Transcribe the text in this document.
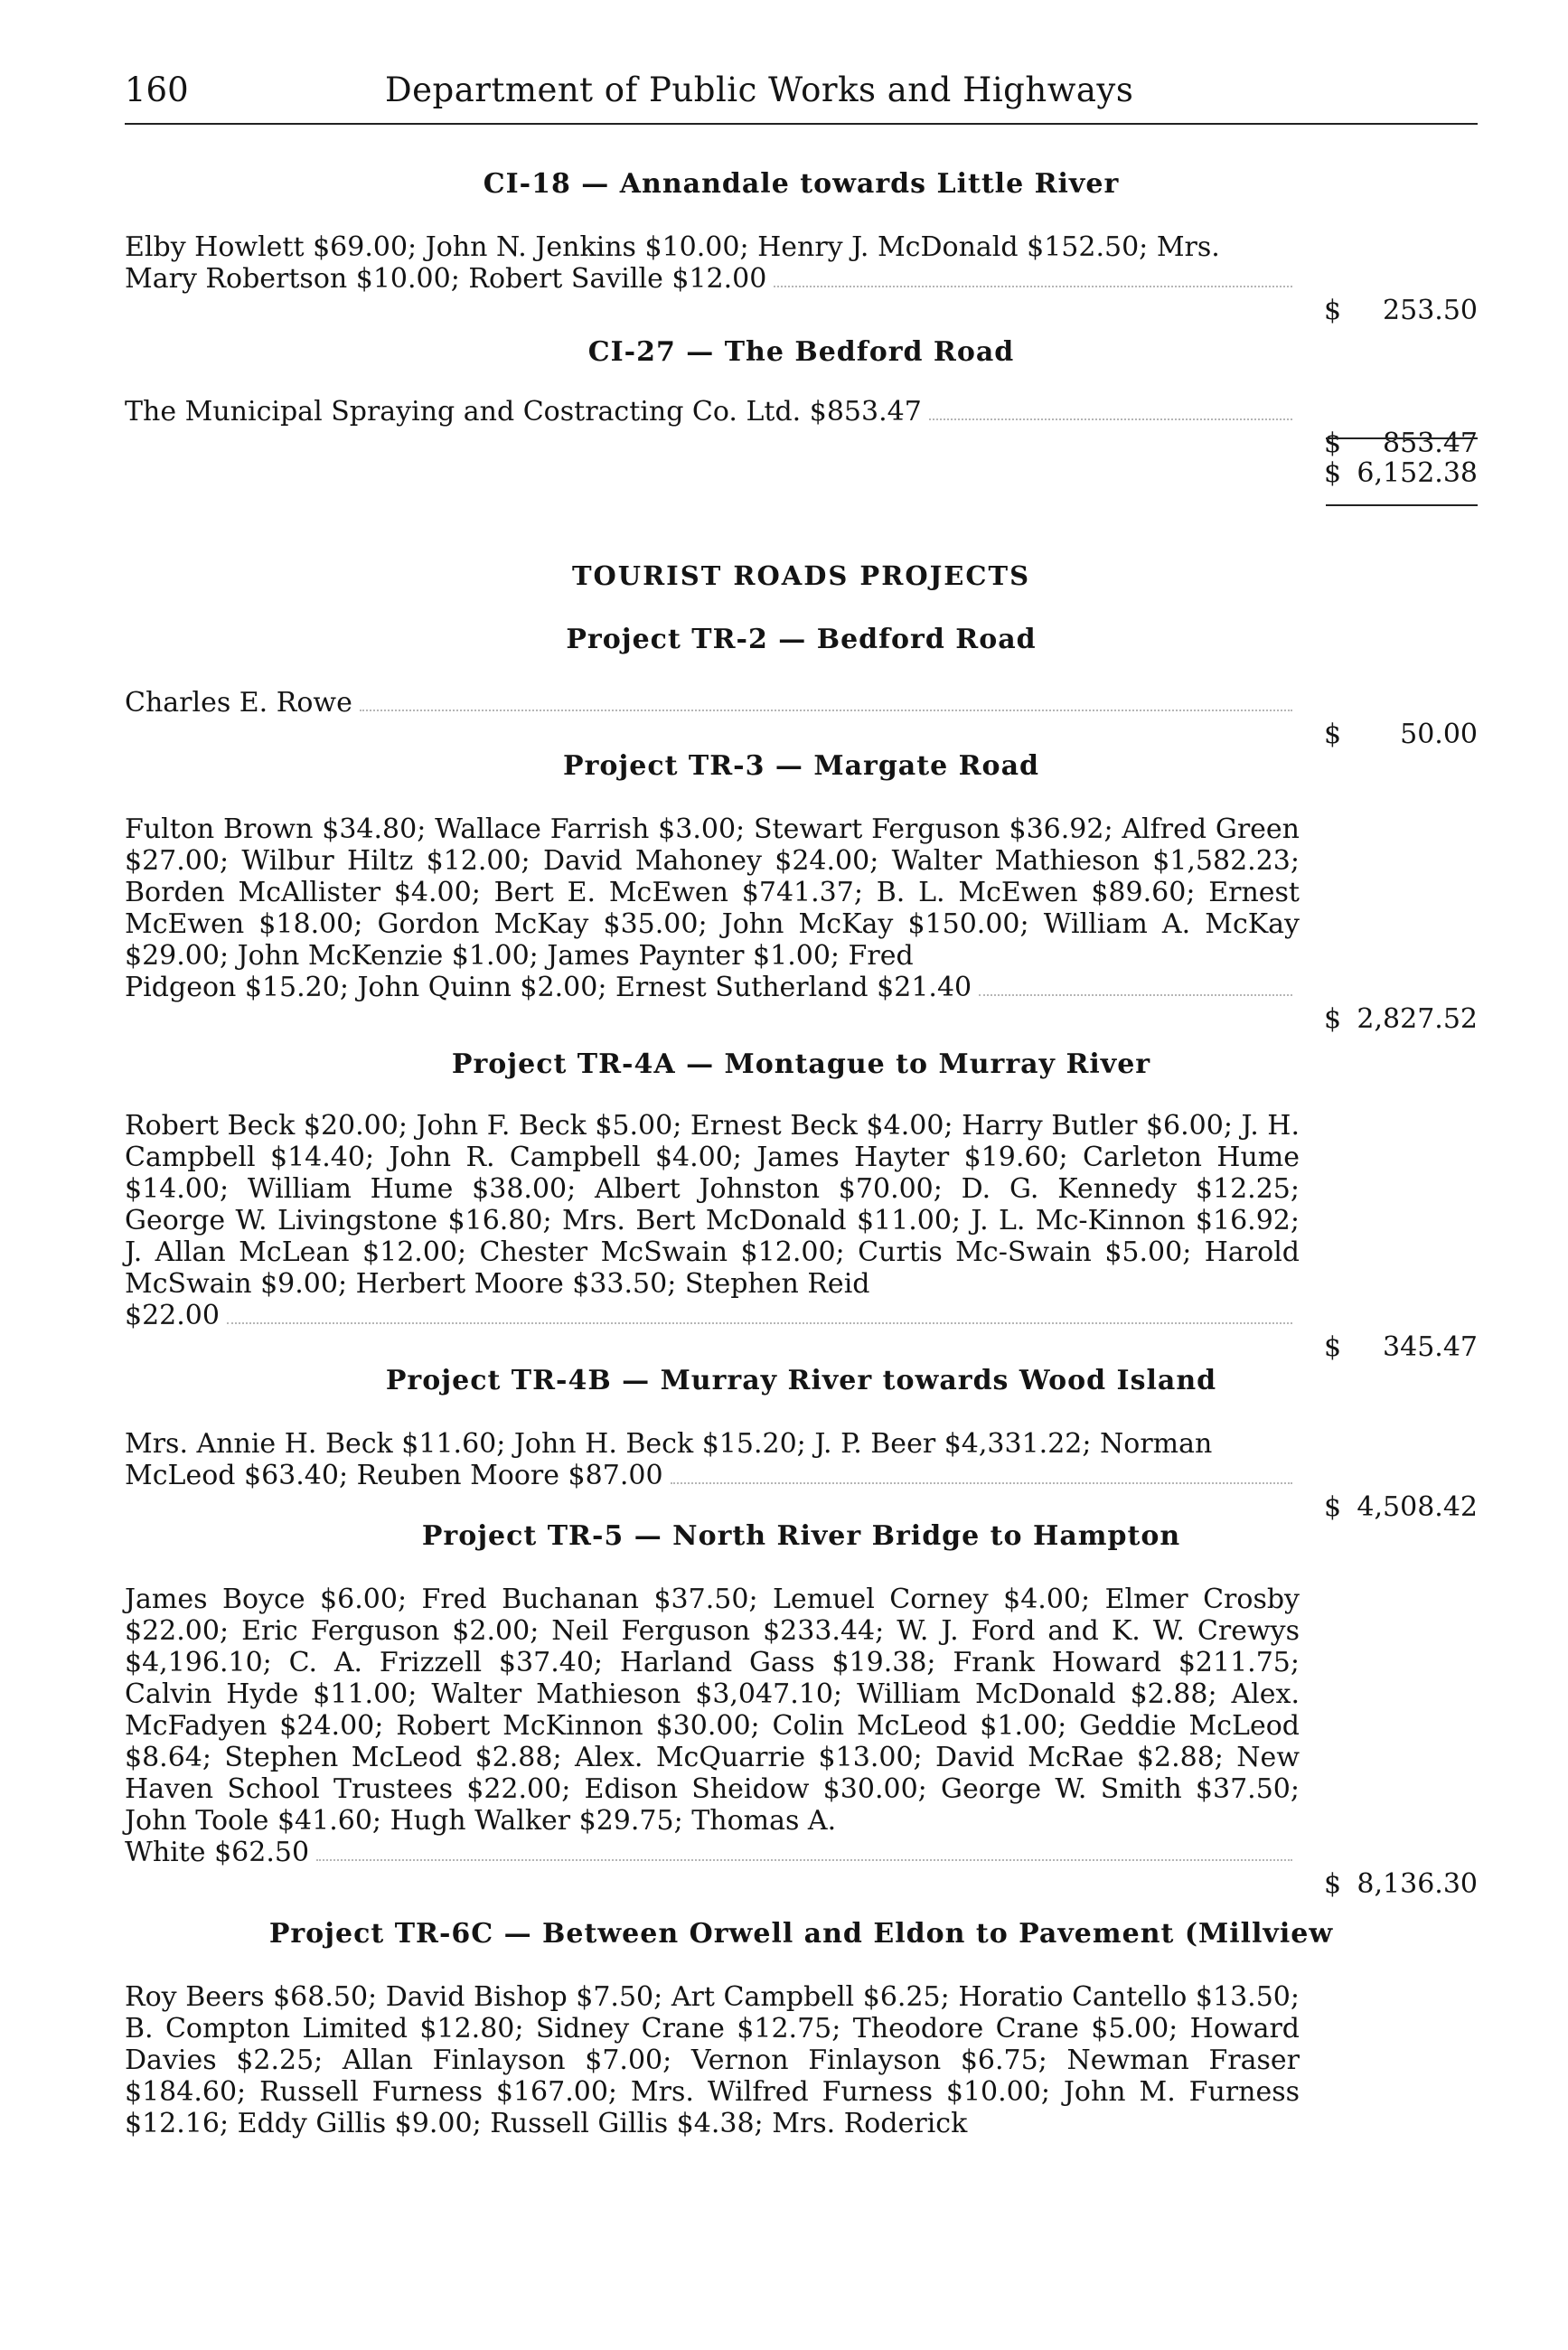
160	Department of Public Works and Highways
CI-18 — Annandale towards Little River
Elby Howlett $69.00; John N. Jenkins $10.00; Henry J. McDonald $152.50; Mrs.
Mary Robertson $10.00; Robert Saville $12.00
$ 253.50
CI-27 — The Bedford Road
The Municipal Spraying and Costracting Co. Ltd. $853.47
$ 853.47
$ 6,152.38
TOURIST ROADS PROJECTS
Project TR-2 — Bedford Road
Charles E. Rowe
$ 50.00
Project TR-3 — Margate Road
Fulton Brown $34.80; Wallace Farrish $3.00; Stewart Ferguson $36.92; Alfred Green $27.00; Wilbur Hiltz $12.00; David Mahoney $24.00; Walter Mathieson $1,582.23; Borden McAllister $4.00; Bert E. McEwen $741.37; B. L. McEwen $89.60; Ernest McEwen $18.00; Gordon McKay $35.00; John McKay $150.00; William A. McKay $29.00; John McKenzie $1.00; James Paynter $1.00; Fred
Pidgeon $15.20; John Quinn $2.00; Ernest Sutherland $21.40
$ 2,827.52
Project TR-4A — Montague to Murray River
Robert Beck $20.00; John F. Beck $5.00; Ernest Beck $4.00; Harry Butler $6.00; J. H. Campbell $14.40; John R. Campbell $4.00; James Hayter $19.60; Carleton Hume $14.00; William Hume $38.00; Albert Johnston $70.00; D. G. Kennedy $12.25; George W. Livingstone $16.80; Mrs. Bert McDonald $11.00; J. L. Mc-Kinnon $16.92; J. Allan McLean $12.00; Chester McSwain $12.00; Curtis Mc-Swain $5.00; Harold McSwain $9.00; Herbert Moore $33.50; Stephen Reid
$22.00
$ 345.47
Project TR-4B — Murray River towards Wood Island
Mrs. Annie H. Beck $11.60; John H. Beck $15.20; J. P. Beer $4,331.22; Norman
McLeod $63.40; Reuben Moore $87.00
$ 4,508.42
Project TR-5 — North River Bridge to Hampton
James Boyce $6.00; Fred Buchanan $37.50; Lemuel Corney $4.00; Elmer Crosby $22.00; Eric Ferguson $2.00; Neil Ferguson $233.44; W. J. Ford and K. W. Crewys $4,196.10; C. A. Frizzell $37.40; Harland Gass $19.38; Frank Howard $211.75; Calvin Hyde $11.00; Walter Mathieson $3,047.10; William McDonald $2.88; Alex. McFadyen $24.00; Robert McKinnon $30.00; Colin McLeod $1.00; Geddie McLeod $8.64; Stephen McLeod $2.88; Alex. McQuarrie $13.00; David McRae $2.88; New Haven School Trustees $22.00; Edison Sheidow $30.00; George W. Smith $37.50; John Toole $41.60; Hugh Walker $29.75; Thomas A.
White $62.50
$ 8,136.30
Project TR-6C — Between Orwell and Eldon to Pavement (Millview
Roy Beers $68.50; David Bishop $7.50; Art Campbell $6.25; Horatio Cantello $13.50; B. Compton Limited $12.80; Sidney Crane $12.75; Theodore Crane $5.00; Howard Davies $2.25; Allan Finlayson $7.00; Vernon Finlayson $6.75; Newman Fraser $184.60; Russell Furness $167.00; Mrs. Wilfred Furness $10.00; John M. Furness $12.16; Eddy Gillis $9.00; Russell Gillis $4.38; Mrs. Roderick
